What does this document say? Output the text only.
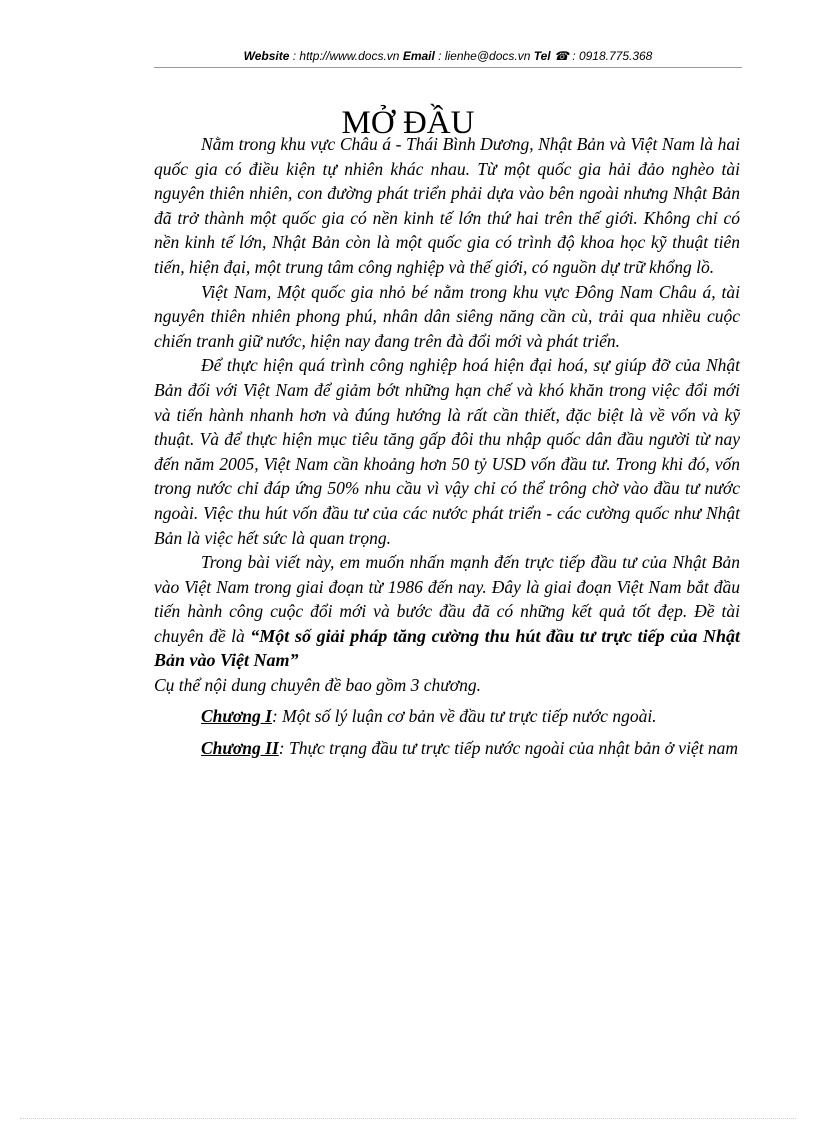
Website : http://www.docs.vn Email : lienhe@docs.vn Tel ☎ : 0918.775.368
MỞ ĐẦU

Nằm trong khu vực Châu á - Thái Bình Dương, Nhật Bản và Việt Nam là hai quốc gia có điều kiện tự nhiên khác nhau. Từ một quốc gia hải đảo nghèo tài nguyên thiên nhiên, con đường phát triển phải dựa vào bên ngoài nhưng Nhật Bản đã trở thành một quốc gia có nền kinh tế lớn thứ hai trên thế giới. Không chỉ có nền kinh tế lớn, Nhật Bản còn là một quốc gia có trình độ khoa học kỹ thuật tiên tiến, hiện đại, một trung tâm công nghiệp và thế giới, có nguồn dự trữ khổng lồ.

Việt Nam, Một quốc gia nhỏ bé nằm trong khu vực Đông Nam Châu á, tài nguyên thiên nhiên phong phú, nhân dân siêng năng cần cù, trải qua nhiều cuộc chiến tranh giữ nước, hiện nay đang trên đà đổi mới và phát triển.

Để thực hiện quá trình công nghiệp hoá hiện đại hoá, sự giúp đỡ của Nhật Bản đối với Việt Nam để giảm bớt những hạn chế và khó khăn trong việc đổi mới và tiến hành nhanh hơn và đúng hướng là rất cần thiết, đặc biệt là về vốn và kỹ thuật. Và để thực hiện mục tiêu tăng gấp đôi thu nhập quốc dân đầu người từ nay đến năm 2005, Việt Nam cần khoảng hơn 50 tỷ USD vốn đầu tư. Trong khi đó, vốn trong nước chỉ đáp ứng 50% nhu cầu vì vậy chỉ có thể trông chờ vào đầu tư nước ngoài. Việc thu hút vốn đầu tư của các nước phát triển - các cường quốc như Nhật Bản là việc hết sức là quan trọng.

Trong bài viết này, em muốn nhấn mạnh đến trực tiếp đầu tư của Nhật Bản vào Việt Nam trong giai đoạn từ 1986 đến nay. Đây là giai đoạn Việt Nam bắt đầu tiến hành công cuộc đổi mới và bước đầu đã có những kết quả tốt đẹp. Đề tài chuyên đề là “Một số giải pháp tăng cường thu hút đầu tư trực tiếp của Nhật Bản vào Việt Nam”

Cụ thể nội dung chuyên đề bao gồm 3 chương.

Chương I: Một số lý luận cơ bản về đầu tư trực tiếp nước ngoài.

Chương II: Thực trạng đầu tư trực tiếp nước ngoài của nhật bản ở việt nam
